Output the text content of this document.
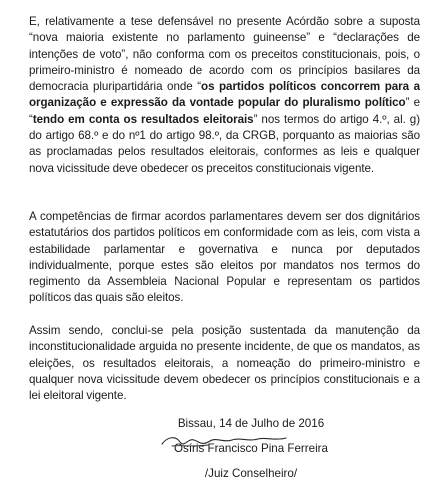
E, relativamente a tese defensável no presente Acórdão sobre a suposta “nova maioria existente no parlamento guineense” e “declarações de intenções de voto”, não conforma com os preceitos constitucionais, pois, o primeiro-ministro é nomeado de acordo com os princípios basilares da democracia pluripartidária onde “os partidos políticos concorrem para a organização e expressão da vontade popular do pluralismo político” e “tendo em conta os resultados eleitorais” nos termos do artigo 4.º, al. g) do artigo 68.º e do nº1 do artigo 98.º, da CRGB, porquanto as maiorias são as proclamadas pelos resultados eleitorais, conformes as leis e qualquer nova vicissitude deve obedecer os preceitos constitucionais vigente.

A competências de firmar acordos parlamentares devem ser dos dignitários estatutários dos partidos políticos em conformidade com as leis, com vista a estabilidade parlamentar e governativa e nunca por deputados individualmente, porque estes são eleitos por mandatos nos termos do regimento da Assembleia Nacional Popular e representam os partidos políticos das quais são eleitos.

Assim sendo, conclui-se pela posição sustentada da manutenção da inconstitucionalidade arguida no presente incidente, de que os mandatos, as eleições, os resultados eleitorais, a nomeação do primeiro-ministro e qualquer nova vicissitude devem obedecer os princípios constitucionais e a lei eleitoral vigente.

Bissau, 14 de Julho de 2016

Osíris Francisco Pina Ferreira

/Juiz Conselheiro/
